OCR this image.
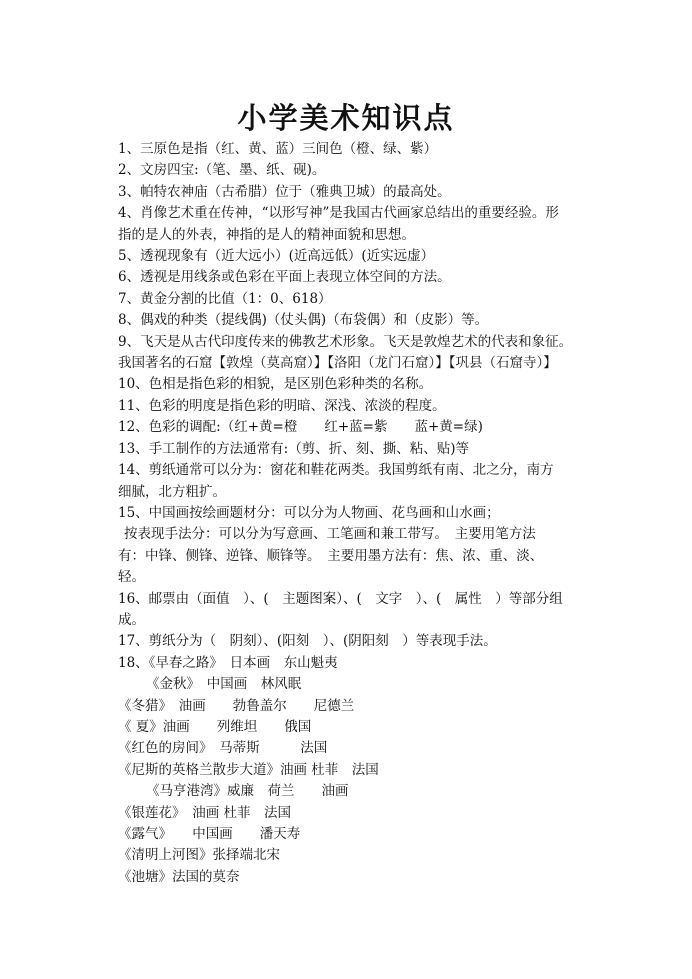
小学美术知识点
1、三原色是指（红、黄、蓝）三间色（橙、绿、紫）
2、文房四宝:（笔、墨、纸、砚)。
3、帕特农神庙（古希腊）位于（雅典卫城）的最高处。
4、肖像艺术重在传神，“以形写神”是我国古代画家总结出的重要经验。形
指的是人的外表，神指的是人的精神面貌和思想。
5、透视现象有（近大远小）(近高远低）(近实远虚）
6、透视是用线条或色彩在平面上表现立体空间的方法。
7、黄金分割的比值（1：0、618）
8、偶戏的种类（提线偶)（仗头偶)（布袋偶）和（皮影）等。
9、飞天是从古代印度传来的佛教艺术形象。飞天是敦煌艺术的代表和象征。
我国著名的石窟【敦煌（莫高窟）】【洛阳（龙门石窟）】【巩县（石窟寺）】
10、色相是指色彩的相貌，是区别色彩种类的名称。
11、色彩的明度是指色彩的明暗、深浅、浓淡的程度。
12、色彩的调配:（红+黄=橙　　红+蓝=紫　　蓝+黄=绿)
13、手工制作的方法通常有:（剪、折、刻、撕、粘、贴)等
14、剪纸通常可以分为：窗花和鞋花两类。我国剪纸有南、北之分，南方
细腻，北方粗扩。
15、中国画按绘画题材分：可以分为人物画、花鸟画和山水画；
按表现手法分：可以分为写意画、工笔画和兼工带写。　主要用笔方法
有：中锋、侧锋、逆锋、顺锋等。　主要用墨方法有：焦、浓、重、淡、
轻。
16、邮票由（面值　）、(　主题图案）、(　文字　）、(　属性　）等部分组
成。
17、剪纸分为（　阴刻）、(阳刻　）、(阴阳刻　）等表现手法。
18、《早春之路》　日本画　东山魁夷
《金秋》　中国画　林风眠
《冬猎》　油画　　勃鲁盖尔　　尼德兰
《 夏》油画　　列维坦　　俄国
《红色的房间》　马蒂斯　　　法国
《尼斯的英格兰散步大道》油画 杜菲　法国
《马亨港湾》威廉　荷兰　　油画
《银莲花》　油画 杜菲　法国
《露气》　　中国画　　潘天寿
《清明上河图》张择端北宋
《池塘》法国的莫奈
